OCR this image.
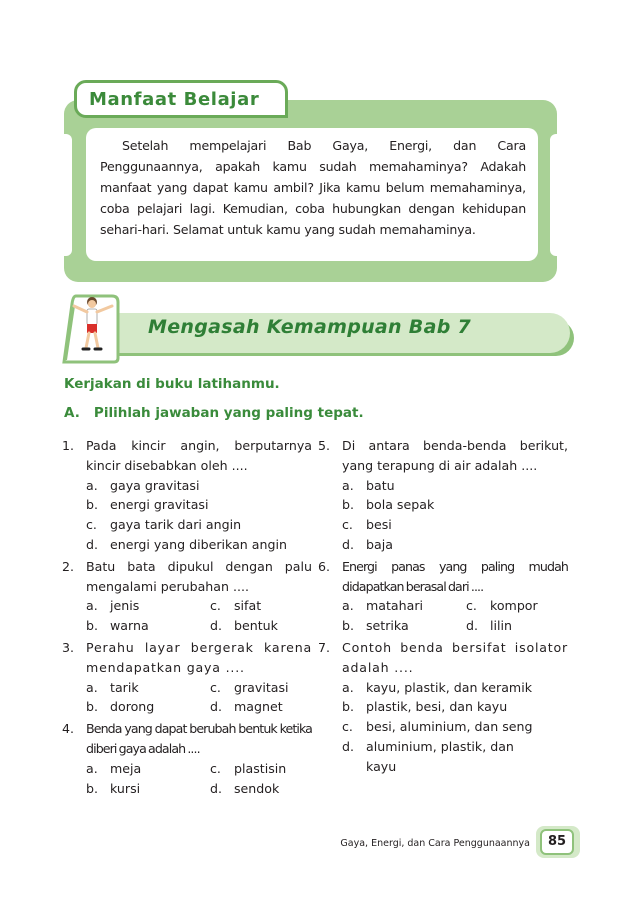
Setelah mempelajari Bab Gaya, Energi, dan Cara Penggunaannya, apakah kamu sudah memahaminya? Adakah manfaat yang dapat kamu ambil? Jika kamu belum memahaminya, coba pelajari lagi. Kemudian, coba hubungkan dengan kehidupan sehari-hari. Selamat untuk kamu yang sudah memahaminya.

Manfaat Belajar
Mengasah Kemampuan Bab 7
Kerjakan di buku latihanmu.
A.   Pilihlah jawaban yang paling tepat.
1. Pada kincir angin, berputarnya kincir disebabkan oleh ....
a. gaya gravitasi
b. energi gravitasi
c.	gaya tarik dari angin
d. energi yang diberikan angin
2. Batu bata dipukul dengan palu mengalami perubahan ....
a. jenis	c.	sifat
b. warna	d. bentuk
3. Perahu layar bergerak karena mendapatkan gaya ....
a. tarik	c.	gravitasi
b. dorong	d. magnet
4. Benda yang dapat berubah bentuk ketika diberi gaya adalah ....
a. meja	c.	plastisin
b. kursi	d. sendok
5. Di antara benda-benda berikut, yang terapung di air adalah ....
a. batu
b. bola sepak
c.	besi
d. baja
6. Energi panas yang paling mudah didapatkan berasal dari ....
a. matahari	c.	kompor
b. setrika	d. lilin
7. Contoh benda bersifat isolator adalah ....
a. kayu, plastik, dan keramik
b. plastik, besi, dan kayu
c.	besi, aluminium, dan seng
d. aluminium, plastik, dan kayu
Gaya, Energi, dan Cara Penggunaannya	85
